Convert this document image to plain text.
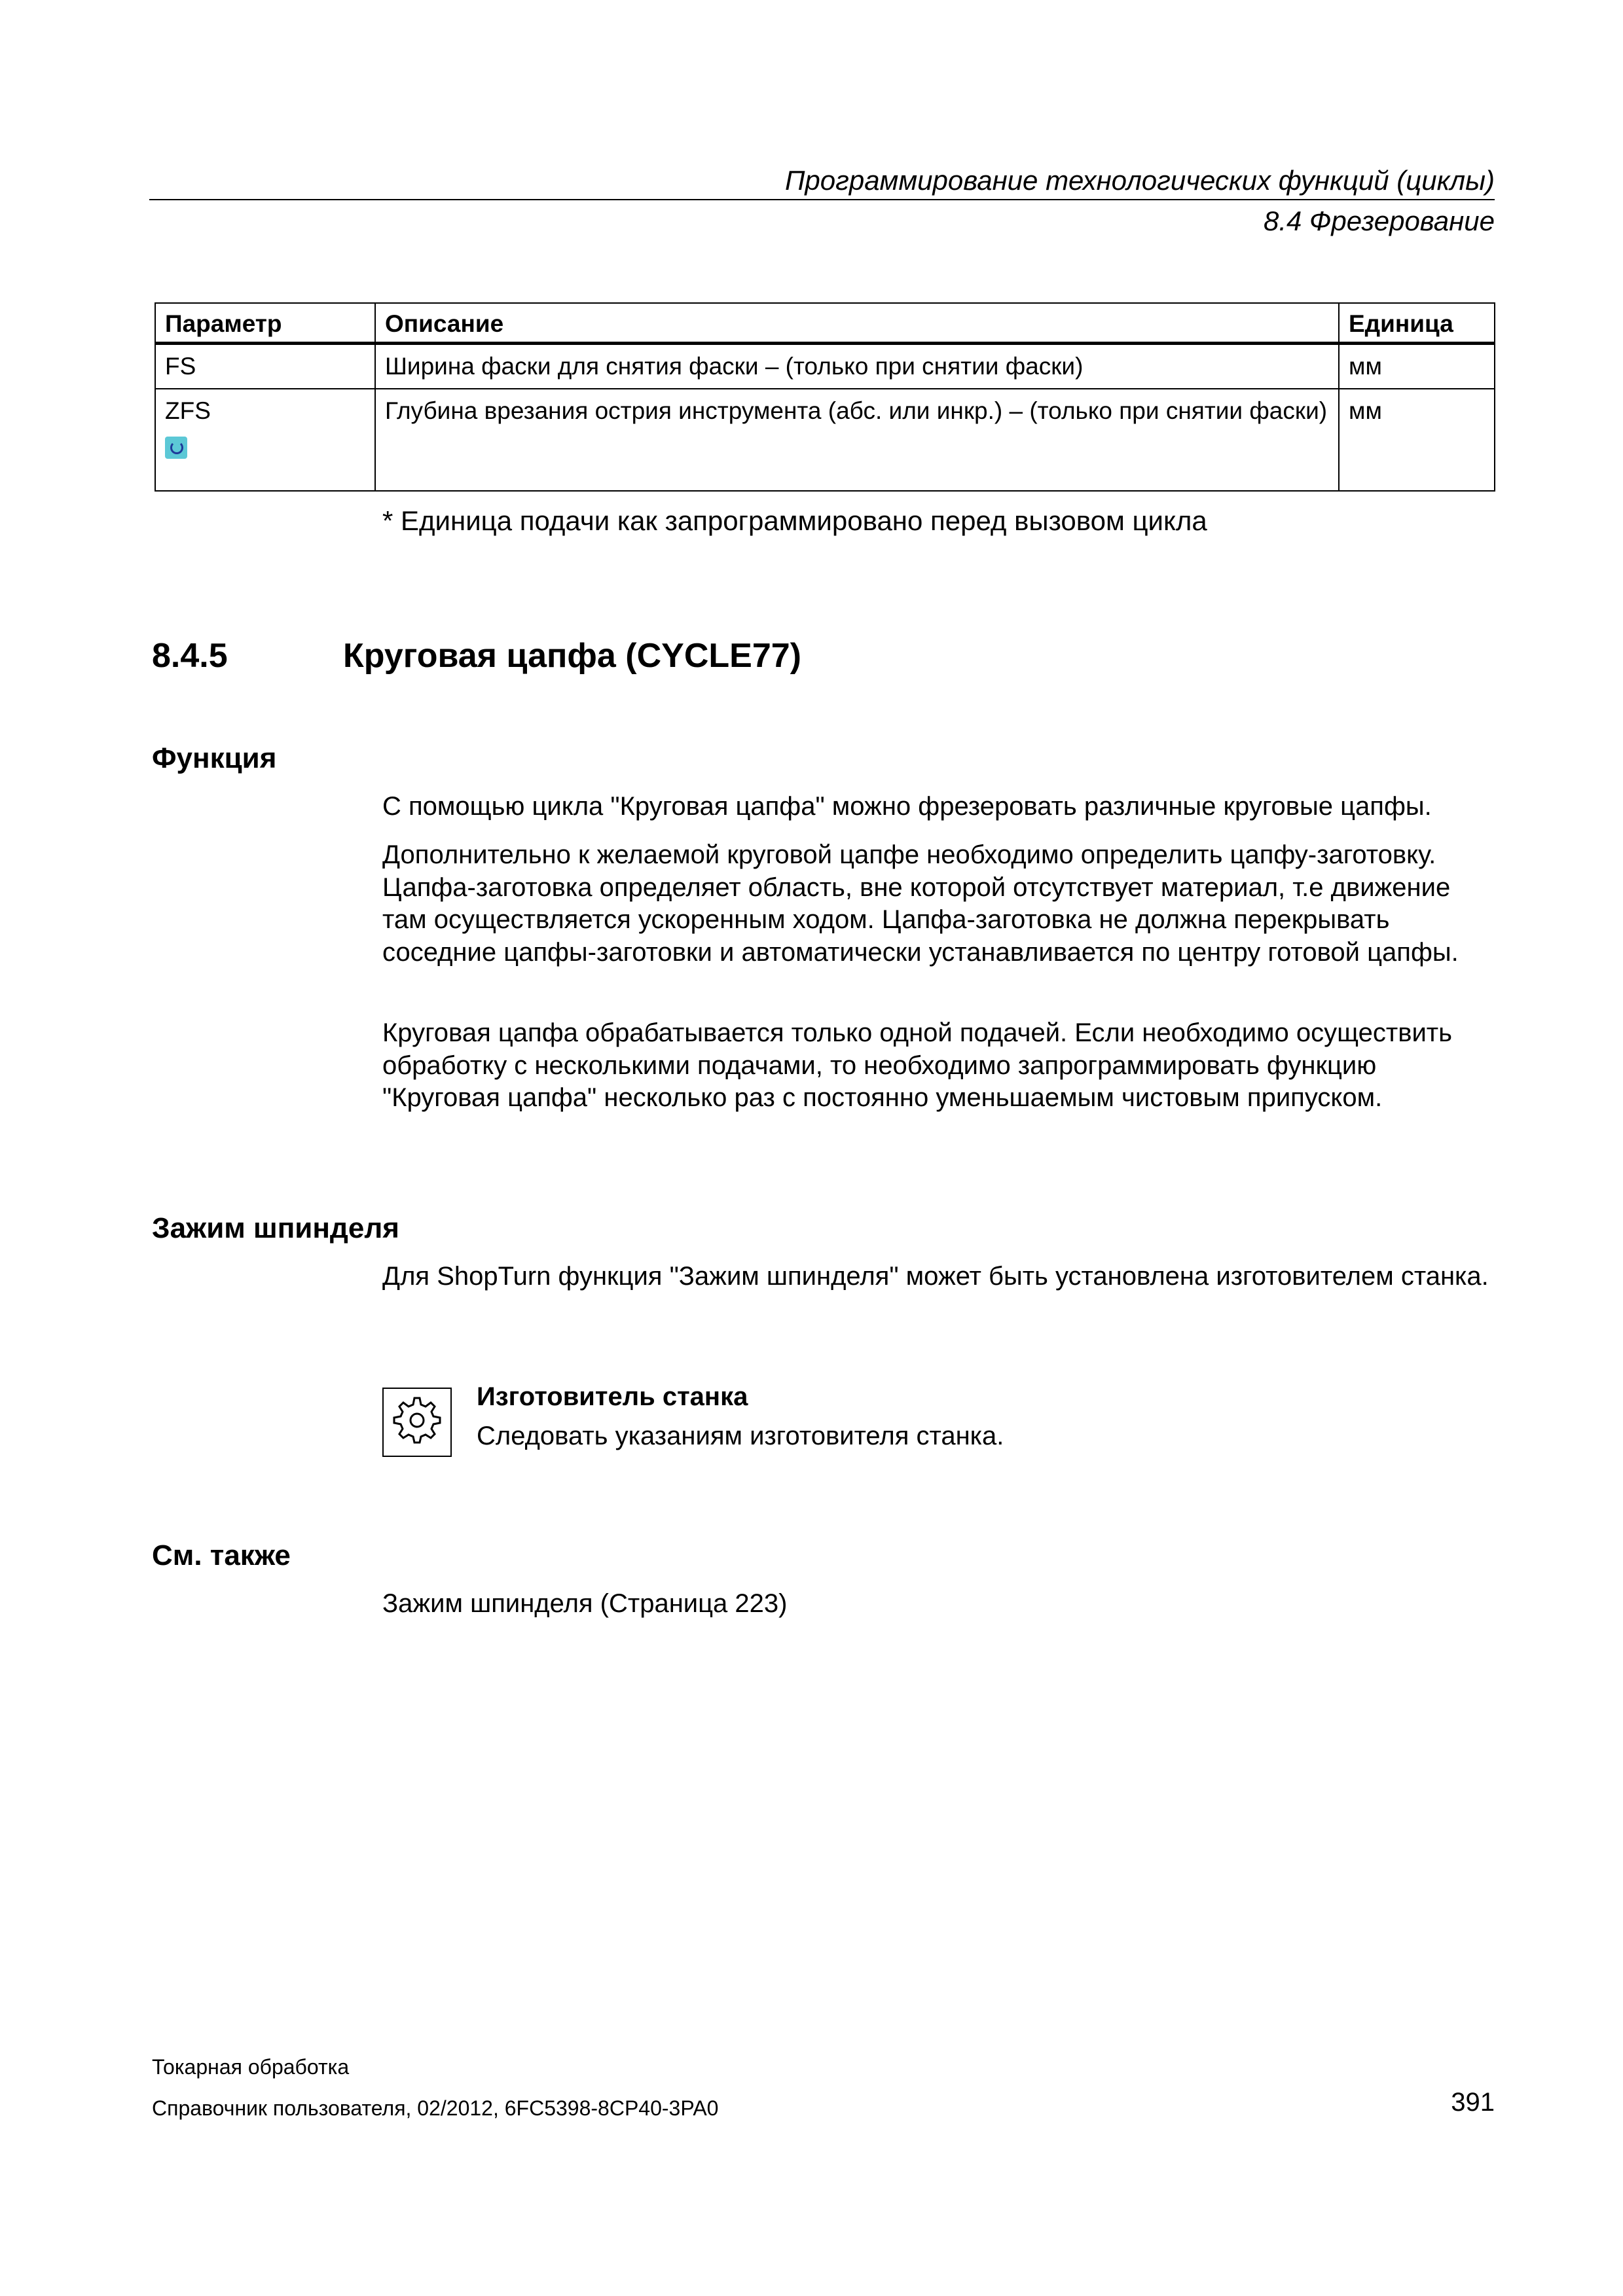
Программирование технологических функций (циклы)
8.4 Фрезерование
Параметр	Описание	Единица
FS	Ширина фаски для снятия фаски – (только при снятии фаски)	мм

ZFS	Глубина врезания острия инструмента (абс. или инкр.) – (только при снятии фаски)	мм
* Единица подачи как запрограммировано перед вызовом цикла
8.4.5	Круговая цапфа (CYCLE77)
Функция
С помощью цикла "Круговая цапфа" можно фрезеровать различные круговые цапфы.
Дополнительно к желаемой круговой цапфе необходимо определить цапфу-заготовку. Цапфа-заготовка определяет область, вне которой отсутствует материал, т.е движение там осуществляется ускоренным ходом. Цапфа-заготовка не должна перекрывать соседние цапфы-заготовки и автоматически устанавливается по центру готовой цапфы.
Круговая цапфа обрабатывается только одной подачей. Если необходимо осуществить обработку с несколькими подачами, то необходимо запрограммировать функцию "Круговая цапфа" несколько раз с постоянно уменьшаемым чистовым припуском.
Зажим шпинделя
Для ShopTurn функция "Зажим шпинделя" может быть установлена изготовителем станка.
Изготовитель станка
Следовать указаниям изготовителя станка.
См. также
Зажим шпинделя (Страница 223)
Токарная обработка
Справочник пользователя, 02/2012, 6FC5398-8CP40-3PA0	391
